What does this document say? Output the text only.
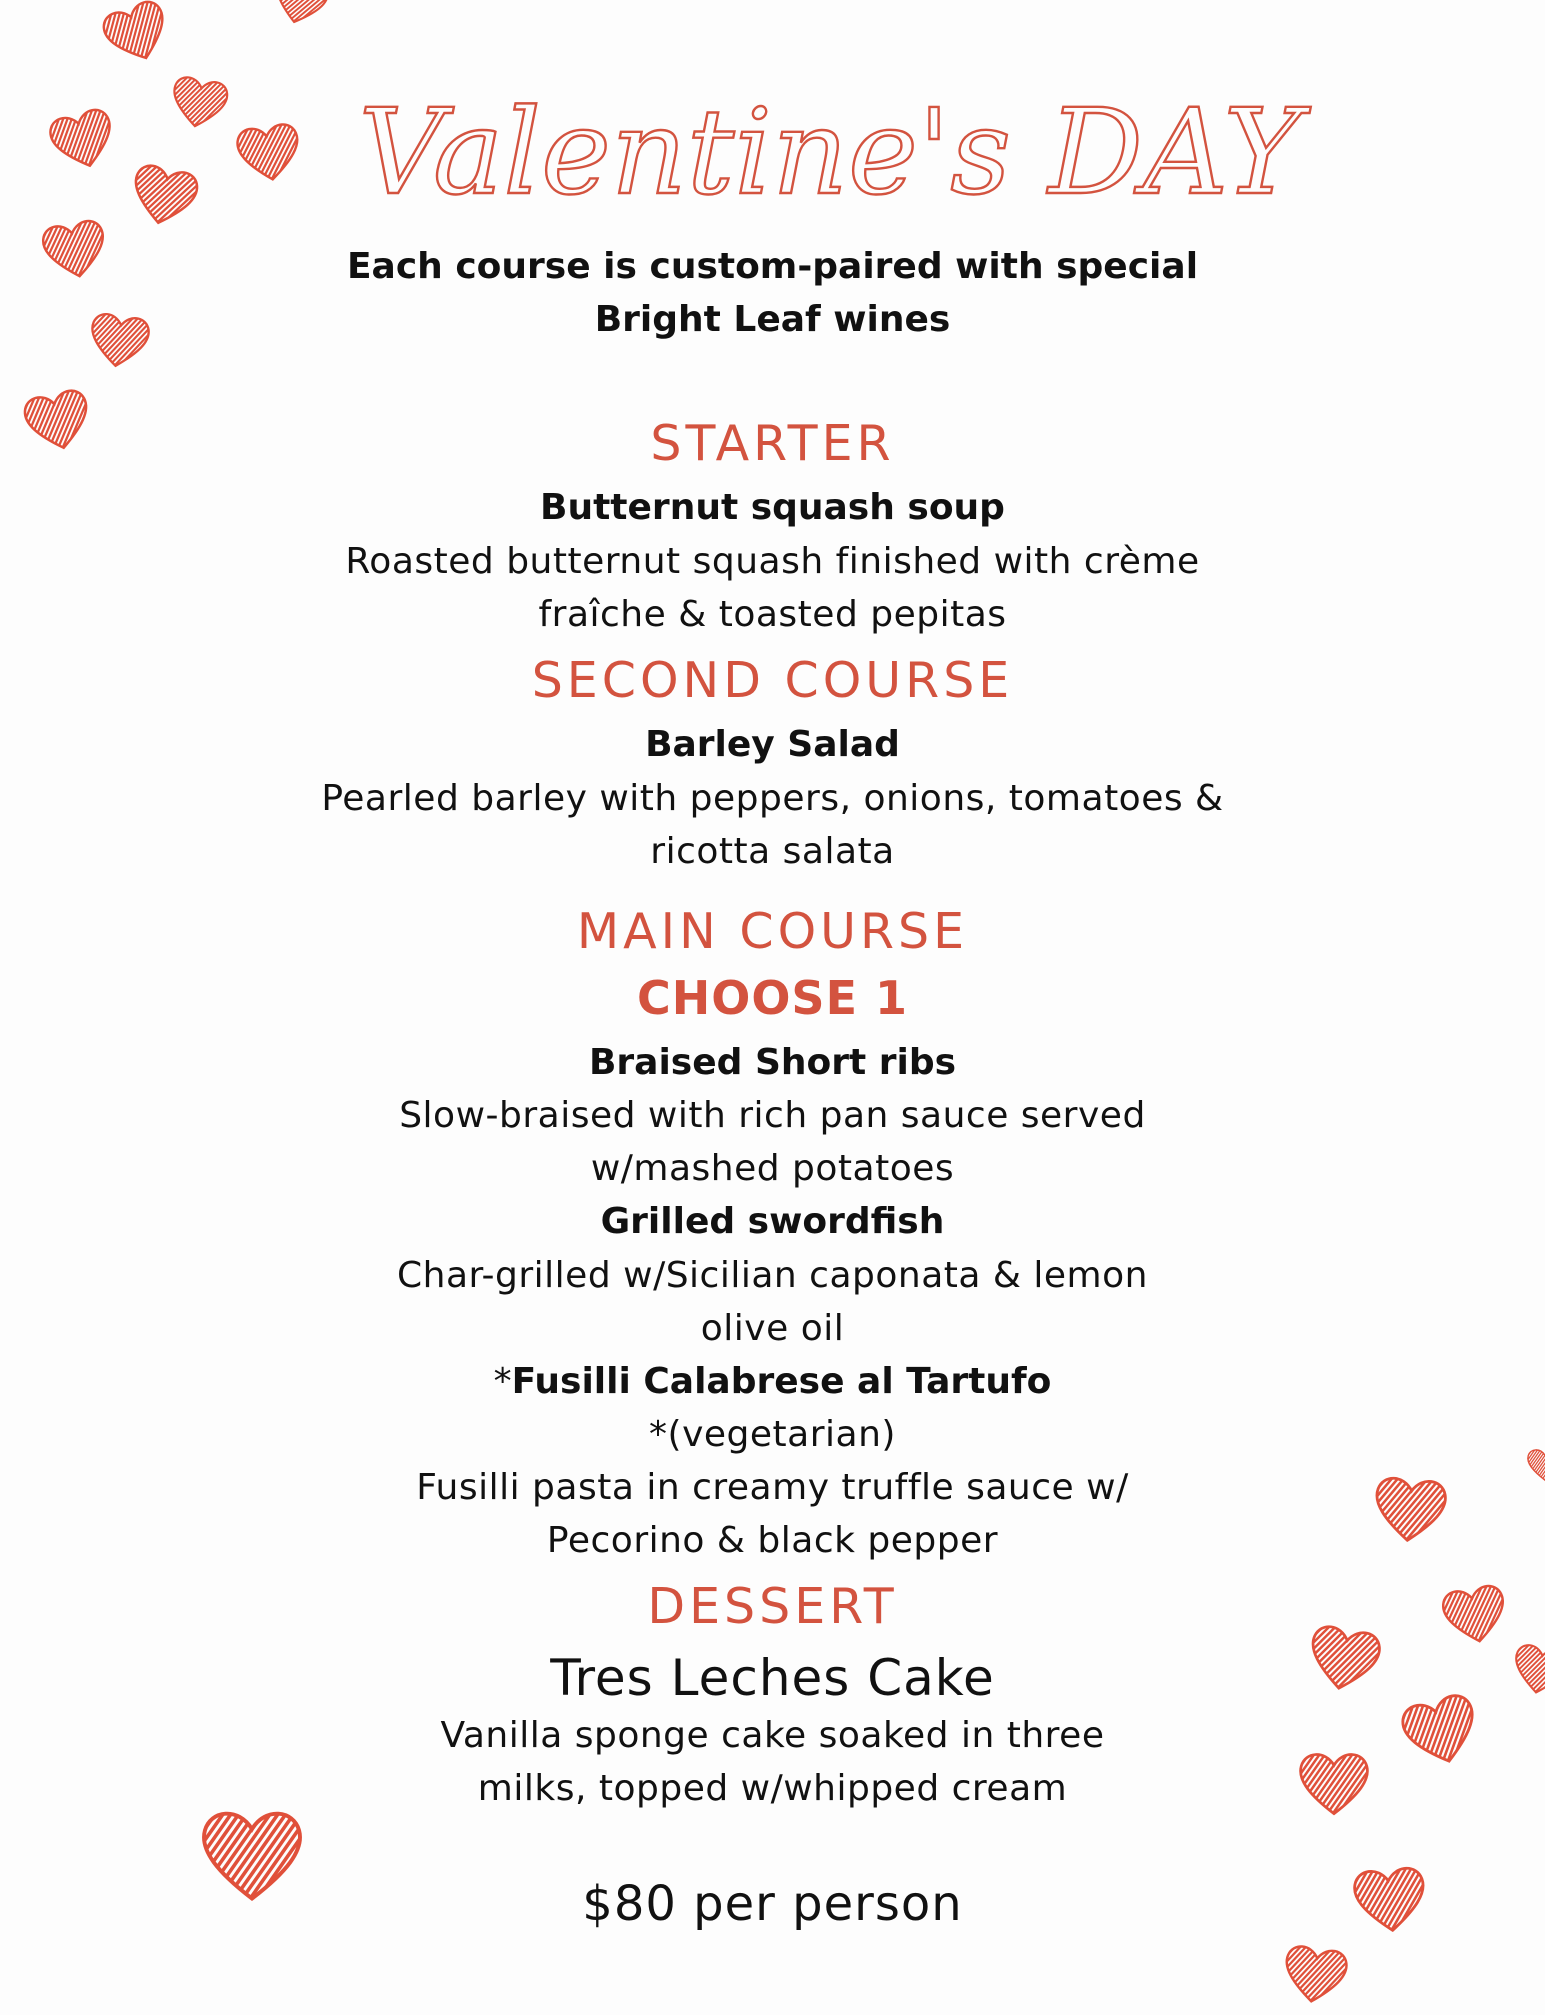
Valentine's DAY

Each course is custom-paired with special

Bright Leaf wines

STARTER

Butternut squash soup

Roasted butternut squash finished with crème

fraîche & toasted pepitas

SECOND COURSE

Barley Salad

Pearled barley with peppers, onions, tomatoes &

ricotta salata

MAIN COURSE

CHOOSE 1

Braised Short ribs

Slow-braised with rich pan sauce served

w/mashed potatoes

Grilled swordfish

Char-grilled w/Sicilian caponata & lemon

olive oil

*Fusilli Calabrese al Tartufo

*(vegetarian)

Fusilli pasta in creamy truffle sauce w/

Pecorino & black pepper

DESSERT

Tres Leches Cake

Vanilla sponge cake soaked in three

milks, topped w/whipped cream

$80 per person
